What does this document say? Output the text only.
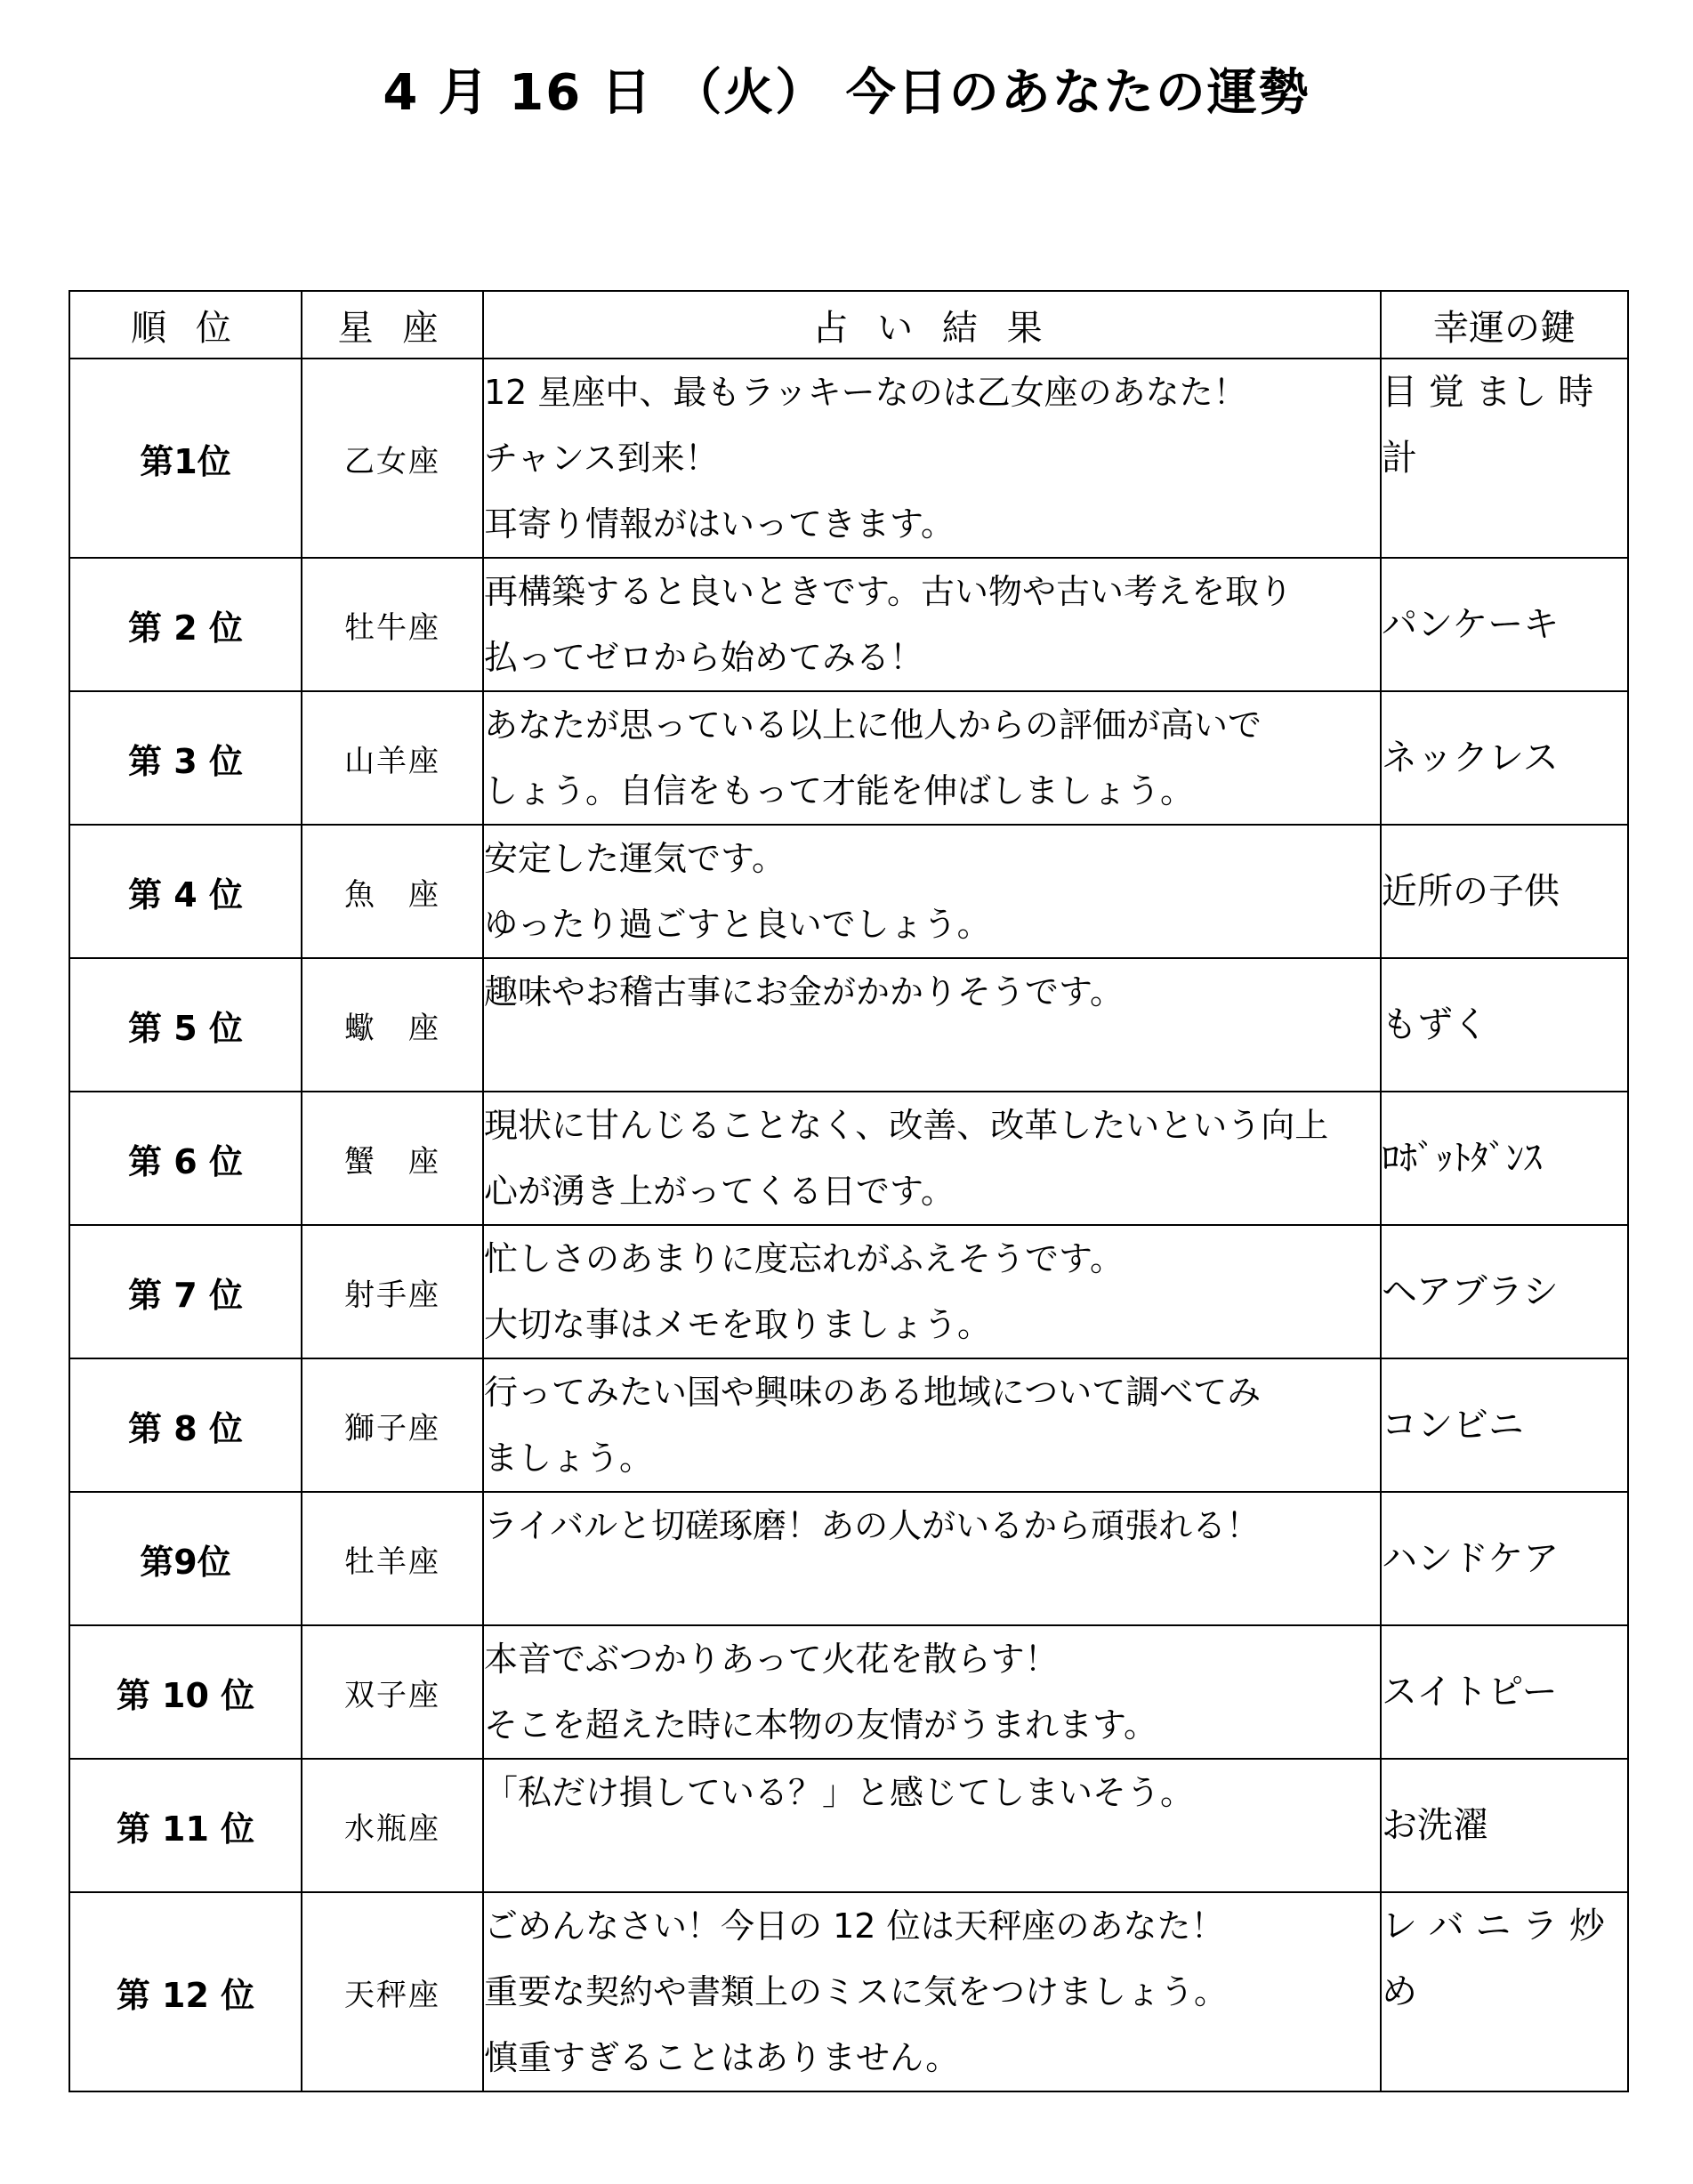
4 月 16 日 （火） 今日のあなたの運勢
順 位	星 座	占 い 結 果	幸運の鍵
第1位	乙女座	12 星座中、最もラッキーなのは乙女座のあなた！
チャンス到来！
耳寄り情報がはいってきます。	目 覚 まし 時 計
第 2 位	牡牛座	再構築すると良いときです。古い物や古い考えを取り
払ってゼロから始めてみる！	パンケーキ
第 3 位	山羊座	あなたが思っている以上に他人からの評価が高いで
しょう。自信をもって才能を伸ばしましょう。	ネックレス
第 4 位	魚　座	安定した運気です。
ゆったり過ごすと良いでしょう。	近所の子供
第 5 位	蠍　座	趣味やお稽古事にお金がかかりそうです。	もずく
第 6 位	蟹　座	現状に甘んじることなく、改善、改革したいという向上
心が湧き上がってくる日です。	ﾛﾎﾞｯﾄﾀﾞﾝｽ
第 7 位	射手座	忙しさのあまりに度忘れがふえそうです。
大切な事はメモを取りましょう。	ヘアブラシ
第 8 位	獅子座	行ってみたい国や興味のある地域について調べてみ
ましょう。	コンビニ
第9位	牡羊座	ライバルと切磋琢磨！あの人がいるから頑張れる！	ハンドケア
第 10 位	双子座	本音でぶつかりあって火花を散らす！
そこを超えた時に本物の友情がうまれます。	スイトピー
第 11 位	水瓶座	「私だけ損している？」と感じてしまいそう。	お洗濯
第 12 位	天秤座	ごめんなさい！今日の 12 位は天秤座のあなた！
重要な契約や書類上のミスに気をつけましょう。
慎重すぎることはありません。	レ バ ニ ラ 炒 め
